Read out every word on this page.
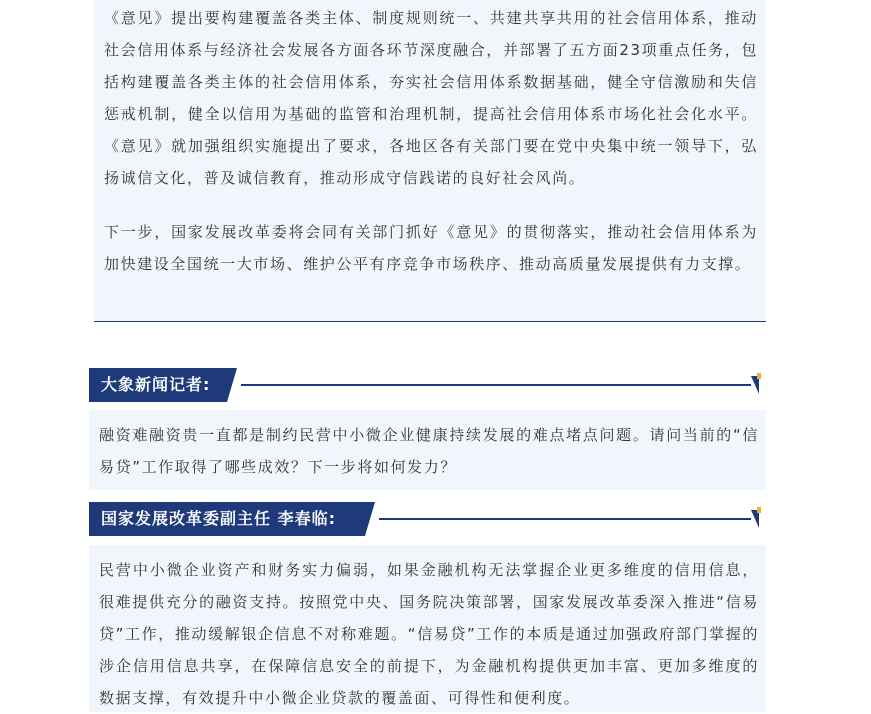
《意见》提出要构建覆盖各类主体、制度规则统一、共建共享共用的社会信用体系，推动社会信用体系与经济社会发展各方面各环节深度融合，并部署了五方面23项重点任务，包括构建覆盖各类主体的社会信用体系，夯实社会信用体系数据基础，健全守信激励和失信惩戒机制，健全以信用为基础的监管和治理机制，提高社会信用体系市场化社会化水平。《意见》就加强组织实施提出了要求，各地区各有关部门要在党中央集中统一领导下，弘扬诚信文化，普及诚信教育，推动形成守信践诺的良好社会风尚。

下一步，国家发展改革委将会同有关部门抓好《意见》的贯彻落实，推动社会信用体系为加快建设全国统一大市场、维护公平有序竞争市场秩序、推动高质量发展提供有力支撑。

大象新闻记者:

融资难融资贵一直都是制约民营中小微企业健康持续发展的难点堵点问题。请问当前的“信易贷”工作取得了哪些成效？下一步将如何发力？

国家发展改革委副主任 李春临:

民营中小微企业资产和财务实力偏弱，如果金融机构无法掌握企业更多维度的信用信息，很难提供充分的融资支持。按照党中央、国务院决策部署，国家发展改革委深入推进“信易贷”工作，推动缓解银企信息不对称难题。“信易贷”工作的本质是通过加强政府部门掌握的涉企信用信息共享，在保障信息安全的前提下，为金融机构提供更加丰富、更加多维度的数据支撑，有效提升中小微企业贷款的覆盖面、可得性和便利度。
